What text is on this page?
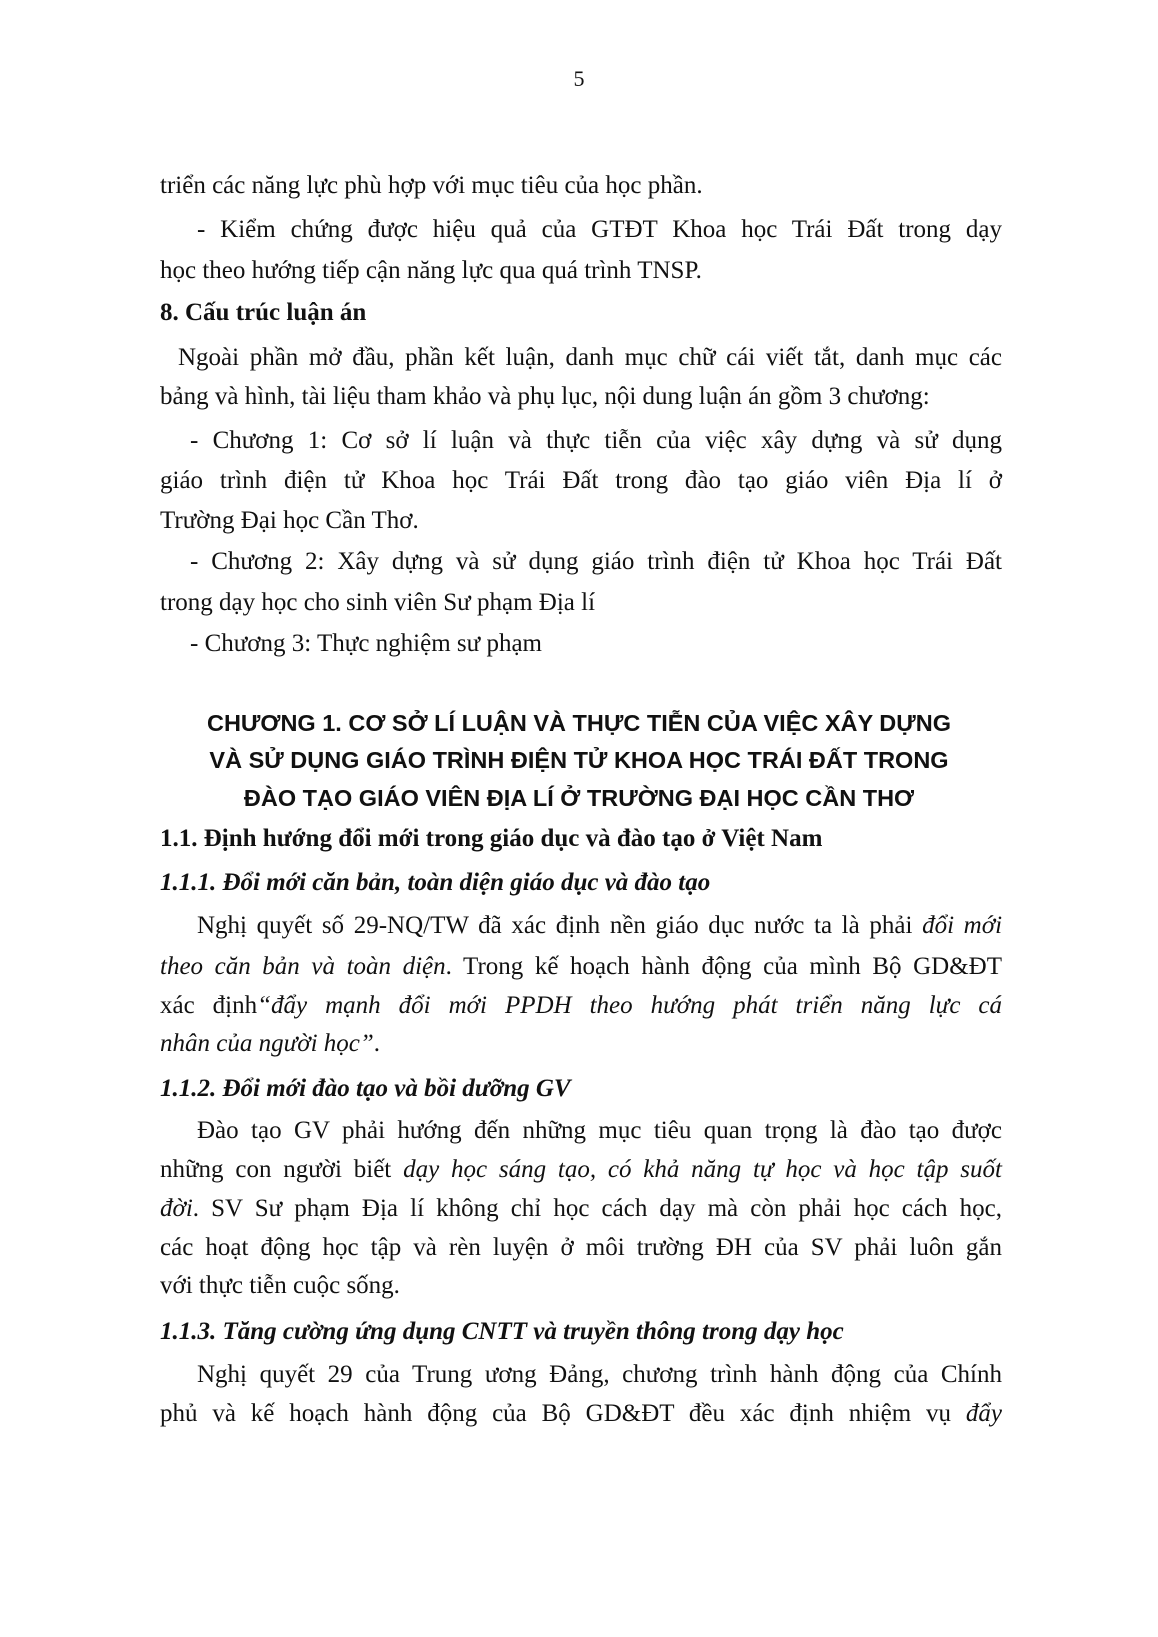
5
triển các năng lực phù hợp với mục tiêu của học phần.
- Kiểm chứng được hiệu quả của GTĐT Khoa học Trái Đất trong dạy
học theo hướng tiếp cận năng lực qua quá trình TNSP.
8. Cấu trúc luận án
Ngoài phần mở đầu, phần kết luận, danh mục chữ cái viết tắt, danh mục các
bảng và hình, tài liệu tham khảo và phụ lục, nội dung luận án gồm 3 chương:
- Chương 1: Cơ sở lí luận và thực tiễn của việc xây dựng và sử dụng
giáo trình điện tử Khoa học Trái Đất trong đào tạo giáo viên Địa lí ở
Trường Đại học Cần Thơ.
- Chương 2: Xây dựng và sử dụng giáo trình điện tử Khoa học Trái Đất
trong dạy học cho sinh viên Sư phạm Địa lí
- Chương 3: Thực nghiệm sư phạm
CHƯƠNG 1. CƠ SỞ LÍ LUẬN VÀ THỰC TIỄN CỦA VIỆC XÂY DỰNG
VÀ SỬ DỤNG GIÁO TRÌNH ĐIỆN TỬ KHOA HỌC TRÁI ĐẤT TRONG
ĐÀO TẠO GIÁO VIÊN ĐỊA LÍ Ở TRƯỜNG ĐẠI HỌC CẦN THƠ
1.1. Định hướng đổi mới trong giáo dục và đào tạo ở Việt Nam
1.1.1. Đổi mới căn bản, toàn diện giáo dục và đào tạo
Nghị quyết số 29-NQ/TW đã xác định nền giáo dục nước ta là phải đổi mới
theo căn bản và toàn diện. Trong kế hoạch hành động của mình Bộ GD&ĐT
xác định“đẩy mạnh đổi mới PPDH theo hướng phát triển năng lực cá
nhân của người học”.
1.1.2. Đổi mới đào tạo và bồi dưỡng GV
Đào tạo GV phải hướng đến những mục tiêu quan trọng là đào tạo được
những con người biết dạy học sáng tạo, có khả năng tự học và học tập suốt
đời. SV Sư phạm Địa lí không chỉ học cách dạy mà còn phải học cách học,
các hoạt động học tập và rèn luyện ở môi trường ĐH của SV phải luôn gắn
với thực tiễn cuộc sống.
1.1.3. Tăng cường ứng dụng CNTT và truyền thông trong dạy học
Nghị quyết 29 của Trung ương Đảng, chương trình hành động của Chính
phủ và kế hoạch hành động của Bộ GD&ĐT đều xác định nhiệm vụ đẩy
